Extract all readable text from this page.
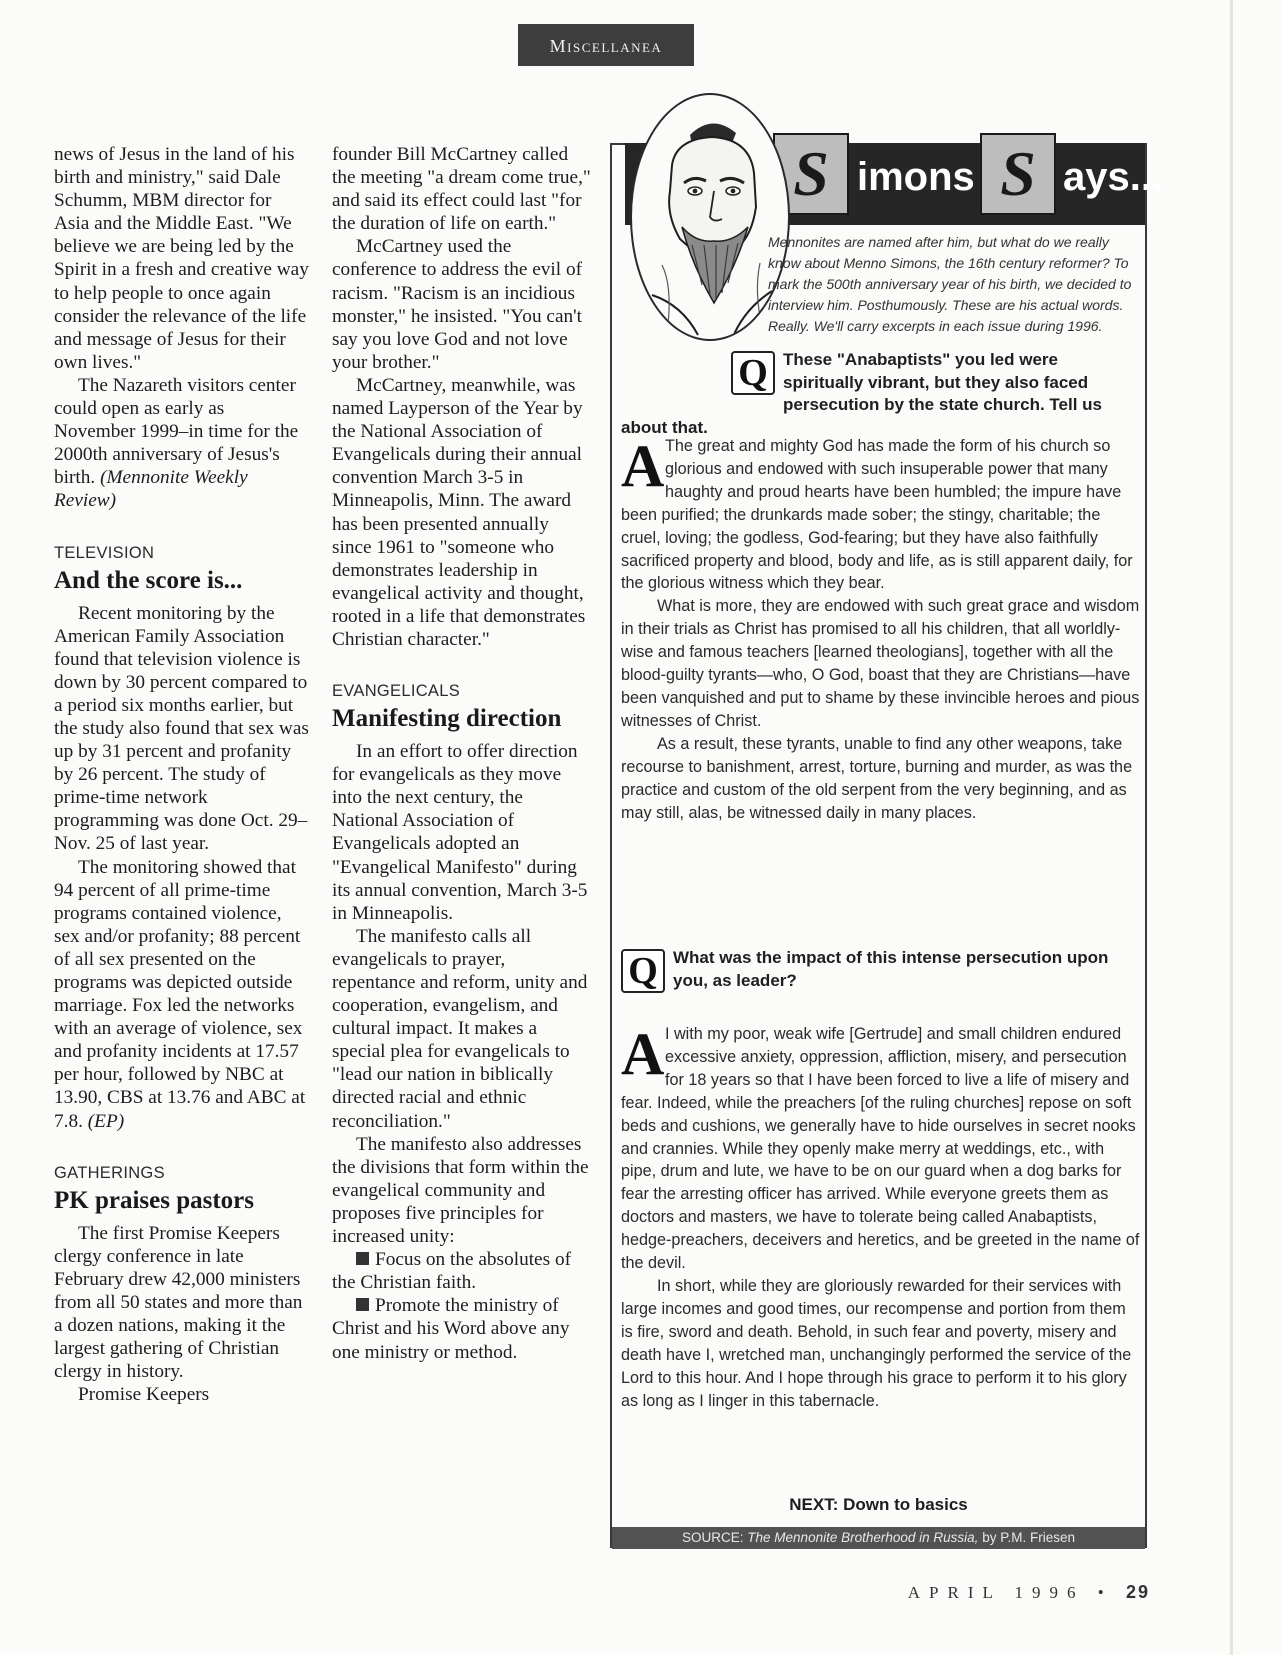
Miscellanea

news of Jesus in the land of his birth and ministry," said Dale Schumm, MBM director for Asia and the Middle East. "We believe we are being led by the Spirit in a fresh and creative way to help people to once again consider the relevance of the life and message of Jesus for their own lives."

The Nazareth visitors center could open as early as November 1999–in time for the 2000th anniversary of Jesus's birth. (Mennonite Weekly Review)

TELEVISION
And the score is...

Recent monitoring by the American Family Association found that television violence is down by 30 percent compared to a period six months earlier, but the study also found that sex was up by 31 percent and profanity by 26 percent. The study of prime-time network programming was done Oct. 29–Nov. 25 of last year.

The monitoring showed that 94 percent of all prime-time programs contained violence, sex and/or profanity; 88 percent of all sex presented on the programs was depicted outside marriage. Fox led the networks with an average of violence, sex and profanity incidents at 17.57 per hour, followed by NBC at 13.90, CBS at 13.76 and ABC at 7.8. (EP)

GATHERINGS
PK praises pastors

The first Promise Keepers clergy conference in late February drew 42,000 ministers from all 50 states and more than a dozen nations, making it the largest gathering of Christian clergy in history.

Promise Keepers

founder Bill McCartney called the meeting "a dream come true," and said its effect could last "for the duration of life on earth."

McCartney used the conference to address the evil of racism. "Racism is an incidious monster," he insisted. "You can't say you love God and not love your brother."

McCartney, meanwhile, was named Layperson of the Year by the National Association of Evangelicals during their annual convention March 3-5 in Minneapolis, Minn. The award has been presented annually since 1961 to "someone who demonstrates leadership in evangelical activity and thought, rooted in a life that demonstrates Christian character."

EVANGELICALS
Manifesting direction

In an effort to offer direction for evangelicals as they move into the next century, the National Association of Evangelicals adopted an "Evangelical Manifesto" during its annual convention, March 3-5 in Minneapolis.

The manifesto calls all evangelicals to prayer, repentance and reform, unity and cooperation, evangelism, and cultural impact. It makes a special plea for evangelicals to "lead our nation in biblically directed racial and ethnic reconciliation."

The manifesto also addresses the divisions that form within the evangelical community and proposes five principles for increased unity:

Focus on the absolutes of the Christian faith.

Promote the ministry of Christ and his Word above any one ministry or method.

S imons S ays...
Mennonites are named after him, but what do we really know about Menno Simons, the 16th century reformer? To mark the 500th anniversary year of his birth, we decided to interview him. Posthumously. These are his actual words. Really. We'll carry excerpts in each issue during 1996.
Q These "Anabaptists" you led were spiritually vibrant, but they also faced persecution by the state church. Tell us about that.
A The great and mighty God has made the form of his church so glorious and endowed with such insuperable power that many haughty and proud hearts have been humbled; the impure have been purified; the drunkards made sober; the stingy, charitable; the cruel, loving; the godless, God-fearing; but they have also faithfully sacrificed property and blood, body and life, as is still apparent daily, for the glorious witness which they bear.

What is more, they are endowed with such great grace and wisdom in their trials as Christ has promised to all his children, that all worldly-wise and famous teachers [learned theologians], together with all the blood-guilty tyrants—who, O God, boast that they are Christians—have been vanquished and put to shame by these invincible heroes and pious witnesses of Christ.

As a result, these tyrants, unable to find any other weapons, take recourse to banishment, arrest, torture, burning and murder, as was the practice and custom of the old serpent from the very beginning, and as may still, alas, be witnessed daily in many places.

Q What was the impact of this intense persecution upon you, as leader?
A I with my poor, weak wife [Gertrude] and small children endured excessive anxiety, oppression, affliction, misery, and persecution for 18 years so that I have been forced to live a life of misery and fear. Indeed, while the preachers [of the ruling churches] repose on soft beds and cushions, we generally have to hide ourselves in secret nooks and crannies. While they openly make merry at weddings, etc., with pipe, drum and lute, we have to be on our guard when a dog barks for fear the arresting officer has arrived. While everyone greets them as doctors and masters, we have to tolerate being called Anabaptists, hedge-preachers, deceivers and heretics, and be greeted in the name of the devil.

In short, while they are gloriously rewarded for their services with large incomes and good times, our recompense and portion from them is fire, sword and death. Behold, in such fear and poverty, misery and death have I, wretched man, unchangingly performed the service of the Lord to this hour. And I hope through his grace to perform it to his glory as long as I linger in this tabernacle.

NEXT: Down to basics
SOURCE: The Mennonite Brotherhood in Russia, by P.M. Friesen
APRIL 1996 • 29
